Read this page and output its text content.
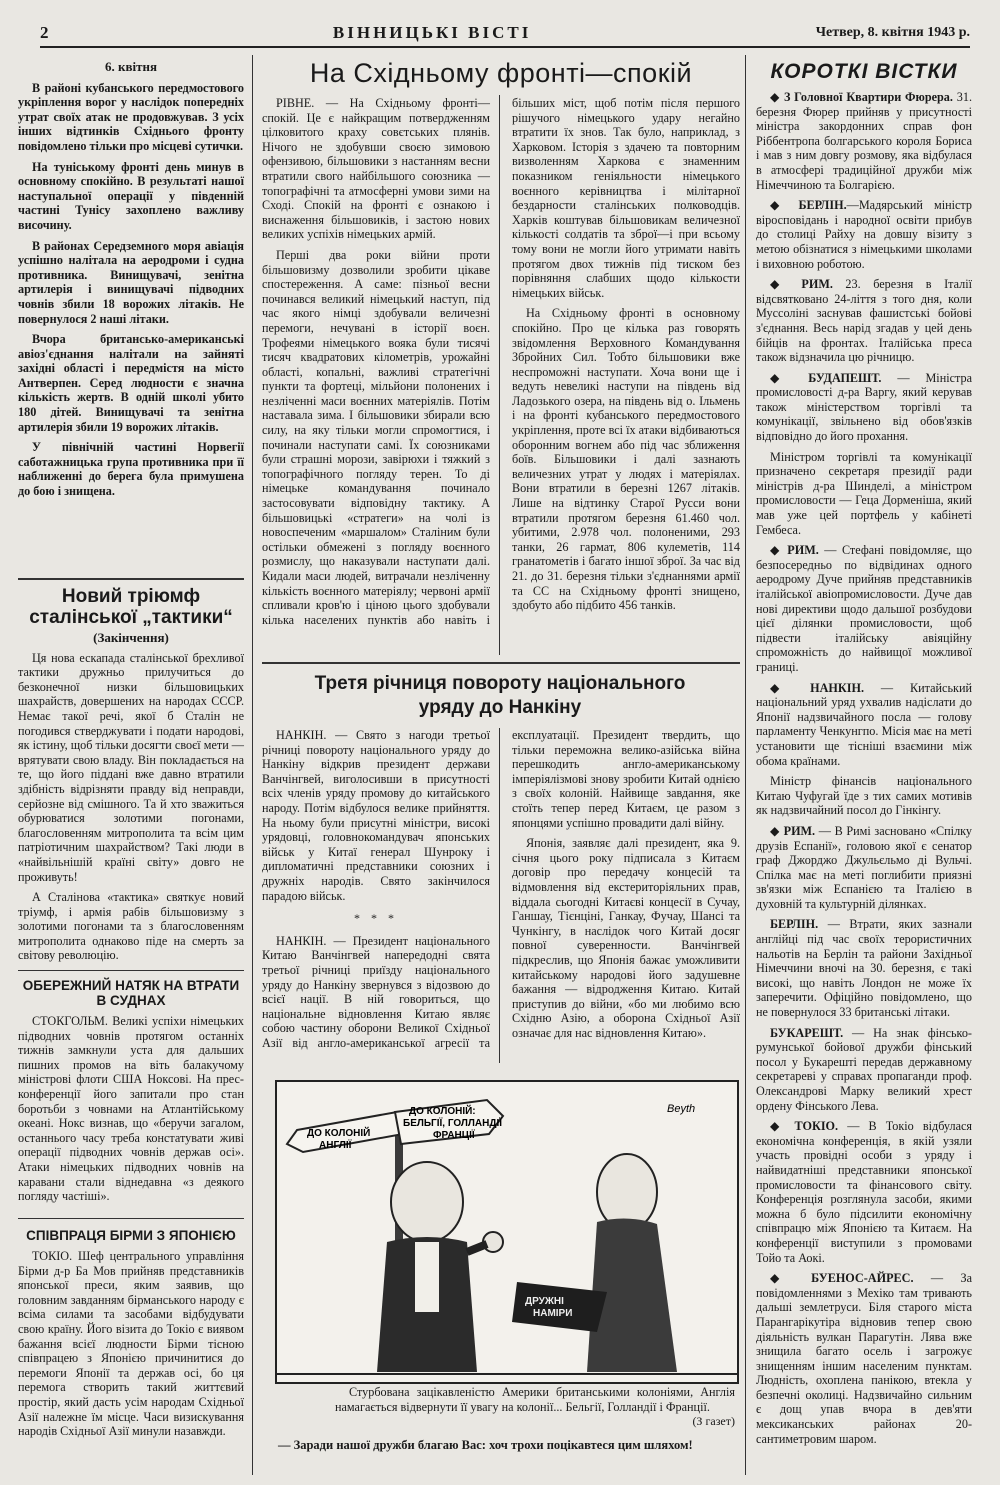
2	ВІННИЦЬКІ ВІСТІ	Четвер, 8. квітня 1943 р.
6. квітня

В районі кубанського передмостового укріплення ворог у наслідок попередніх утрат своїх атак не продовжував. З усіх інших відтинків Східнього фронту повідомлено тільки про місцеві сутички.

На туніському фронті день минув в основному спокійно. В результаті нашої наступальної операції у південній частині Тунісу захоплено важливу височину.

В районах Середземного моря авіація успішно налітала на аеродроми і судна противника. Винищувачі, зенітна артилерія і винищувачі підводних човнів збили 18 ворожих літаків. Не повернулося 2 наші літаки.

Вчора британсько-американські авіоз'єднання налітали на зайняті західні області і передмістя на місто Антверпен. Серед людности є значна кількість жертв. В одній школі убито 180 дітей. Винищувачі та зенітна артилерія збили 19 ворожих літаків.

У північній частині Норвегії саботажницька група противника при її наближенні до берега була примушена до бою і знищена.

Новий тріюмф сталінської „тактики“
(Закінчення)

Ця нова ескапада сталінської брехливої тактики дружньо прилучиться до безконечної низки більшовицьких шахрайств, довершених на народах СССР. Немає такої речі, якої б Сталін не погодився стверджувати і подати народові, як істину, щоб тільки досягти своєї мети — врятувати свою владу. Він покладається на те, що його піддані вже давно втратили здібність відрізняти правду від неправди, серйозне від смішного. Та й хто зважиться обурюватися золотими погонами, благословенням митрополита та всім цим патріотичним шахрайством? Такі люди в «найвільнішій країні світу» довго не проживуть!

А Сталінова «тактика» святкує новий тріумф, і армія рабів більшовизму з золотими погонами та з благословенням митрополита однаково піде на смерть за світову революцію.

ОБЕРЕЖНИЙ НАТЯК НА ВТРАТИ В СУДНАХ

СТОКГОЛЬМ. Великі успіхи німецьких підводних човнів протягом останніх тижнів замкнули уста для дальших пишних промов на віть балакучому міністрові флоти США Ноксові. На прес-конференції його запитали про стан боротьби з човнами на Атлантійському океані. Нокс визнав, що «беручи загалом, останнього часу треба констатувати живі операції підводних човнів держав осі». Атаки німецьких підводних човнів на каравани стали віднедавна «з деякого погляду частіші».

СПІВПРАЦЯ БІРМИ З ЯПОНІЄЮ

ТОКІО. Шеф центрального управління Бірми д-р Ба Мов прийняв представників японської преси, яким заявив, що головним завданням бірманського народу є всіма силами та засобами відбудувати свою країну. Його візита до Токіо є виявом бажання всієї людности Бірми тісною співпрацею з Японією причинитися до перемоги Японії та держав осі, бо ця перемога створить такий життєвий простір, який дасть усім народам Східньої Азії належне їм місце. Часи визискування народів Східньої Азії минули назавжди.

На Східньому фронті—спокій

РІВНЕ. — На Східньому фронті— спокій. Це є найкращим потвердженням цілковитого краху совєтських плянів. Нічого не здобувши своєю зимовою офензивою, більшовики з настанням весни втратили свого найбільшого союзника — топографічні та атмосферні умови зими на Сході. Спокій на фронті є ознакою і виснаження більшовиків, і застою нових великих успіхів німецьких армій.

Перші два роки війни проти більшовизму дозволили зробити цікаве спостереження. А саме: пізньої весни починався великий німецький наступ, під час якого німці здобували величезні перемоги, нечувані в історії воєн. Трофеями німецького вояка були тисячі тисяч квадратових кілометрів, урожайні області, копальні, важливі стратегічні пункти та фортеці, мільйони полонених і незліченні маси воєнних матеріялів. Потім наставала зима. І більшовики збирали всю силу, на яку тільки могли спромогтися, і починали наступати самі. Їх союзниками були страшні морози, завірюхи і тяжкий з топографічного погляду терен. То ді німецьке командування починало застосовувати відповідну тактику. А більшовицькі «стратеги» на чолі із новоспеченим «маршалом» Сталіним були остільки обмежені з погляду воєнного розмислу, що наказували наступати далі. Кидали маси людей, витрачали незліченну кількість воєнного матеріялу; червоні армії спливали кров'ю і ціною цього здобували кілька населених пунктів або навіть і більших міст, щоб потім після першого рішучого німецького удару негайно втратити їх знов. Так було, наприклад, з Харковом. Історія з здачею та повторним визволенням Харкова є знаменним показником геніяльности німецького воєнного керівництва і мілітарної бездарности сталінських полководців. Харків коштував більшовикам величезної кількості солдатів та зброї—і при всьому тому вони не могли його утримати навіть протягом двох тижнів під тиском без порівняння слабших щодо кількости німецьких військ.

На Східньому фронті в основному спокійно. Про це кілька раз говорять звідомлення Верховного Командування Збройних Сил. Тобто більшовики вже неспроможні наступати. Хоча вони ще і ведуть невеликі наступи на південь від Ладозького озера, на південь від о. Ільмень і на фронті кубанського передмостового укріплення, проте всі їх атаки відбиваються оборонним вогнем або під час зближення боїв. Більшовики і далі зазнають величезних утрат у людях і матеріялах. Вони втратили в березні 1267 літаків. Лише на відтинку Старої Русси вони втратили протягом березня 61.460 чол. убитими, 2.978 чол. полоненими, 293 танки, 26 гармат, 806 кулеметів, 114 гранатометів і багато іншої зброї. За час від 21. до 31. березня тільки з'єднаннями армії та СС на Східньому фронті знищено, здобуто або підбито 456 танків.

Третя річниця повороту національного уряду до Нанкіну

НАНКІН. — Свято з нагоди третьої річниці повороту національного уряду до Нанкіну відкрив президент держави Ванчінгвей, виголосивши в присутності всіх членів уряду промову до китайського народу. Потім відбулося велике прийняття. На ньому були присутні міністри, високі урядовці, головнокомандувач японських військ у Китаї генерал Шунроку і дипломатичні представники союзних і дружніх народів. Свято закінчилося парадою військ.

* * *

НАНКІН. — Президент національного Китаю Ванчінгвей напередодні свята третьої річниці приїзду національного уряду до Нанкіну звернувся з відозвою до всієї нації. В ній говориться, що національне відновлення Китаю являє собою частину оборони Великої Східньої Азії від англо-американської агресії та експлуатації. Президент твердить, що тільки переможна велико-азійська війна перешкодить англо-американському імперіялізмові знову зробити Китай однією з своїх колоній. Найвище завдання, яке стоїть тепер перед Китаєм, це разом з японцями успішно провадити далі війну.

Японія, заявляє далі президент, яка 9. січня цього року підписала з Китаєм договір про передачу концесій та відмовлення від екстериторіяльних прав, віддала сьогодні Китаєві концесії в Сучау, Ганшау, Тієнціні, Ганкау, Фучау, Шансі та Чункінгу, в наслідок чого Китай досяг повної суверенности. Ванчінгвей підкреслив, що Японія бажає уможливити китайському народові його задушевне бажання — відродження Китаю. Китай приступив до війни, «бо ми любимо всю Східню Азію, а оборона Східньої Азії означає для нас відновлення Китаю».

ДО КОЛОНІЙ
АНГЛІЇ
ДО КОЛОНІЙ:
БЕЛЬГІЇ, ГОЛЛАНДІЇ
ФРАНЦІЇ
ДРУЖНІ
НАМІРИ
Beyth

Стурбована зацікавленістю Америки британськими колоніями, Англія намагається відвернути її увагу на колонії... Бельгії, Голландії і Франції.

(З газет)
— Заради нашої дружби благаю Вас: хоч трохи поцікавтеся цим шляхом!
КОРОТКІ ВІСТКИ

◆ З Головної Квартири Фюрера. 31. березня Фюрер прийняв у присутності міністра закордонних справ фон Ріббентропа болгарського короля Бориса і мав з ним довгу розмову, яка відбулася в атмосфері традиційної дружби між Німеччиною та Болгарією.

◆ БЕРЛІН.—Мадярський міністр віросповідань і народної освіти прибув до столиці Райху на довшу візиту з метою обізнатися з німецькими школами і виховною роботою.

◆ РИМ. 23. березня в Італії відсвятковано 24-ліття з того дня, коли Муссоліні заснував фашистські бойові з'єднання. Весь нарід згадав у цей день бійців на фронтах. Італійська преса також відзначила цю річницю.

◆ БУДАПЕШТ. — Міністра промисловості д-ра Варгу, який керував також міністерством торгівлі та комунікації, звільнено від обов'язків відповідно до його прохання.

Міністром торгівлі та комунікації призначено секретаря президії ради міністрів д-ра Шинделі, а міністром промисловости — Геца Дорменіша, який мав уже цей портфель у кабінеті Гембеса.

◆ РИМ. — Стефані повідомляє, що безпосередньо по відвідинах одного аеродрому Дуче прийняв представників італійської авіопромисловости. Дуче дав нові директиви щодо дальшої розбудови цієї ділянки промисловости, щоб підвести італійську авіяційну спроможність до найвищої можливої границі.

◆ НАНКІН. — Китайський національний уряд ухвалив надіслати до Японії надзвичайного посла — голову парламенту Ченкунгпо. Місія має на меті установити ще тісніші взаємини між обома країнами.

Міністр фінансів національного Китаю Чуфугай їде з тих самих мотивів як надзвичайний посол до Гінкінгу.

◆ РИМ. — В Римі засновано «Спілку друзів Еспанії», головою якої є сенатор граф Джорджо Джульєльмо ді Вульчі. Спілка має на меті поглибити приязні зв'язки між Еспанією та Італією в духовній та культурній ділянках.

БЕРЛІН. — Втрати, яких зазнали англійці під час своїх терористичних нальотів на Берлін та райони Західньої Німеччини вночі на 30. березня, є такі високі, що навіть Лондон не може їх заперечити. Офіційно повідомлено, що не повернулося 33 британські літаки.

БУКАРЕШТ. — На знак фінсько-румунської бойової дружби фінський посол у Букарешті передав державному секретареві у справах пропаганди проф. Олександрові Марку великий хрест ордену Фінського Лева.

◆ ТОКІО. — В Токіо відбулася економічна конференція, в якій узяли участь провідні особи з уряду і найвидатніші представники японської промисловости та фінансового світу. Конференція розглянула засоби, якими можна б було підсилити економічну співпрацю між Японією та Китаєм. На конференції виступили з промовами Тойо та Аокі.

◆ БУЕНОС-АЙРЕС. — За повідомленнями з Мехіко там тривають дальші землетруси. Біля старого міста Парангарікутіра відновив тепер свою діяльність вулкан Парагутін. Лява вже знищила багато осель і загрожує знищенням іншим населеним пунктам. Людність, охоплена панікою, втекла у безпечні околиці. Надзвичайно сильним є дощ упав вчора в дев'яти мексиканських районах 20-сантиметровим шаром.
